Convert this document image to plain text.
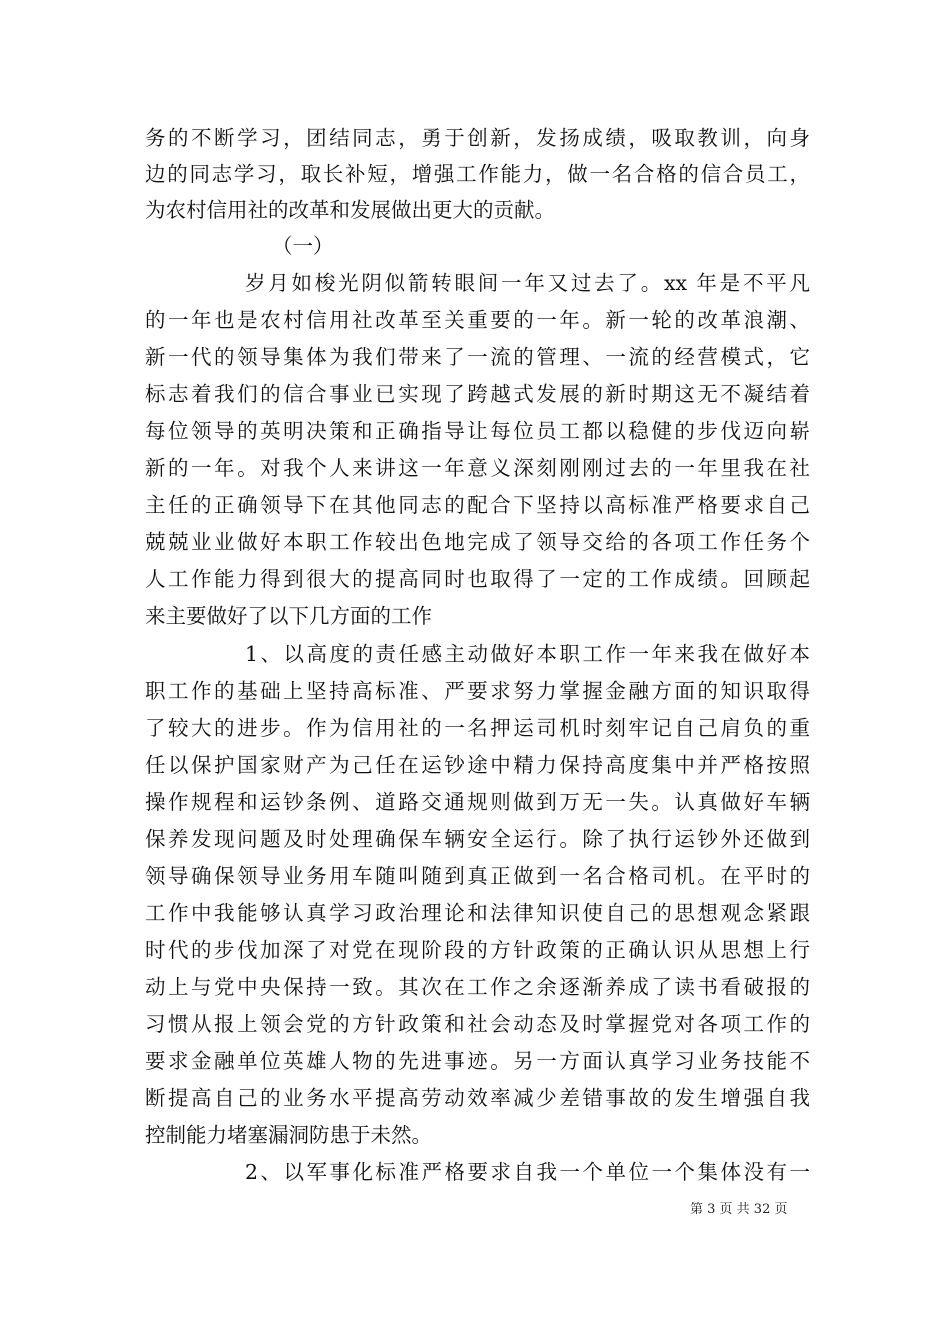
务的不断学习，团结同志，勇于创新，发扬成绩，吸取教训，向身
边的同志学习，取长补短，增强工作能力，做一名合格的信合员工，
为农村信用社的改革和发展做出更大的贡献。
（一）
岁月如梭光阴似箭转眼间一年又过去了。xx 年是不平凡
的一年也是农村信用社改革至关重要的一年。新一轮的改革浪潮、
新一代的领导集体为我们带来了一流的管理、一流的经营模式，它
标志着我们的信合事业已实现了跨越式发展的新时期这无不凝结着
每位领导的英明决策和正确指导让每位员工都以稳健的步伐迈向崭
新的一年。对我个人来讲这一年意义深刻刚刚过去的一年里我在社
主任的正确领导下在其他同志的配合下坚持以高标准严格要求自己
兢兢业业做好本职工作较出色地完成了领导交给的各项工作任务个
人工作能力得到很大的提高同时也取得了一定的工作成绩。回顾起
来主要做好了以下几方面的工作
1、以高度的责任感主动做好本职工作一年来我在做好本
职工作的基础上坚持高标准、严要求努力掌握金融方面的知识取得
了较大的进步。作为信用社的一名押运司机时刻牢记自己肩负的重
任以保护国家财产为己任在运钞途中精力保持高度集中并严格按照
操作规程和运钞条例、道路交通规则做到万无一失。认真做好车辆
保养发现问题及时处理确保车辆安全运行。除了执行运钞外还做到
领导确保领导业务用车随叫随到真正做到一名合格司机。在平时的
工作中我能够认真学习政治理论和法律知识使自己的思想观念紧跟
时代的步伐加深了对党在现阶段的方针政策的正确认识从思想上行
动上与党中央保持一致。其次在工作之余逐渐养成了读书看破报的
习惯从报上领会党的方针政策和社会动态及时掌握党对各项工作的
要求金融单位英雄人物的先进事迹。另一方面认真学习业务技能不
断提高自己的业务水平提高劳动效率减少差错事故的发生增强自我
控制能力堵塞漏洞防患于未然。
2、以军事化标准严格要求自我一个单位一个集体没有一
第 3 页 共 32 页
